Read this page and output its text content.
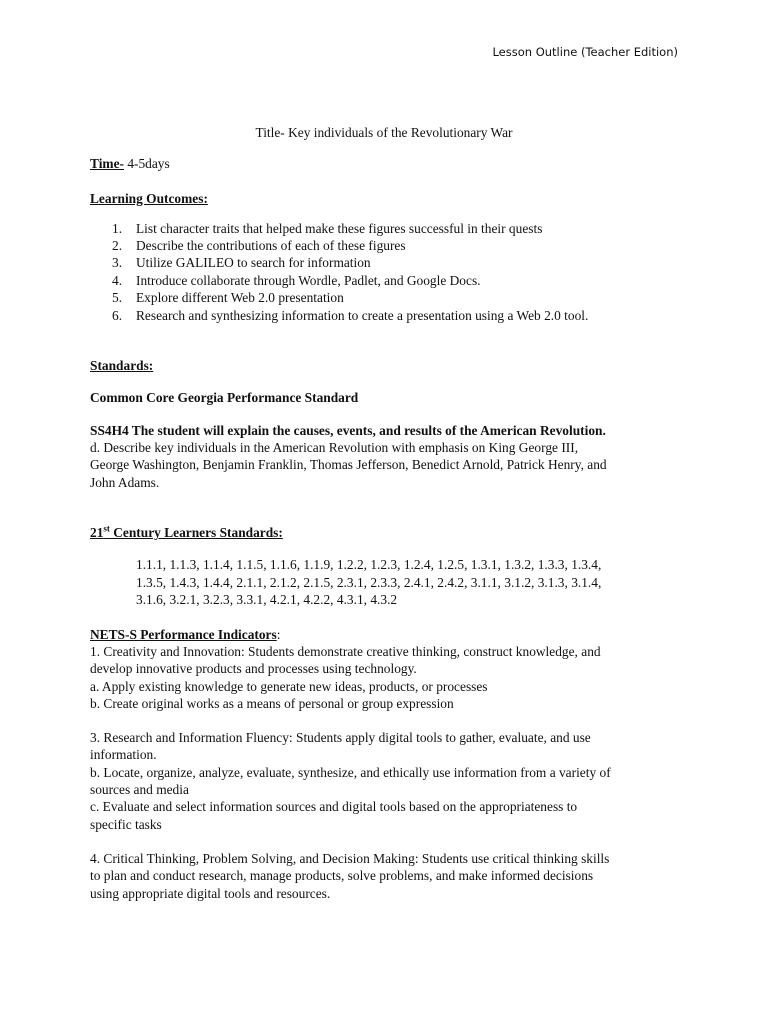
Lesson Outline (Teacher Edition)
Title- Key individuals of the Revolutionary War
Time- 4-5days
Learning Outcomes:
1. List character traits that helped make these figures successful in their quests
2. Describe the contributions of each of these figures
3. Utilize GALILEO to search for information
4. Introduce collaborate through Wordle, Padlet, and Google Docs.
5. Explore different Web 2.0 presentation
6. Research and synthesizing information to create a presentation using a Web 2.0 tool.
Standards:
Common Core Georgia Performance Standard
SS4H4 The student will explain the causes, events, and results of the American Revolution.
d. Describe key individuals in the American Revolution with emphasis on King George III,
George Washington, Benjamin Franklin, Thomas Jefferson, Benedict Arnold, Patrick Henry, and
John Adams.
21st Century Learners Standards:
1.1.1, 1.1.3, 1.1.4, 1.1.5, 1.1.6, 1.1.9, 1.2.2, 1.2.3, 1.2.4, 1.2.5, 1.3.1, 1.3.2, 1.3.3, 1.3.4,
1.3.5, 1.4.3, 1.4.4, 2.1.1, 2.1.2, 2.1.5, 2.3.1, 2.3.3, 2.4.1, 2.4.2, 3.1.1, 3.1.2, 3.1.3, 3.1.4,
3.1.6, 3.2.1, 3.2.3, 3.3.1, 4.2.1, 4.2.2, 4.3.1, 4.3.2
NETS-S Performance Indicators:
1. Creativity and Innovation: Students demonstrate creative thinking, construct knowledge, and
develop innovative products and processes using technology.
a. Apply existing knowledge to generate new ideas, products, or processes
b. Create original works as a means of personal or group expression
3. Research and Information Fluency: Students apply digital tools to gather, evaluate, and use
information.
b. Locate, organize, analyze, evaluate, synthesize, and ethically use information from a variety of
sources and media
c. Evaluate and select information sources and digital tools based on the appropriateness to
specific tasks
4. Critical Thinking, Problem Solving, and Decision Making: Students use critical thinking skills
to plan and conduct research, manage products, solve problems, and make informed decisions
using appropriate digital tools and resources.
